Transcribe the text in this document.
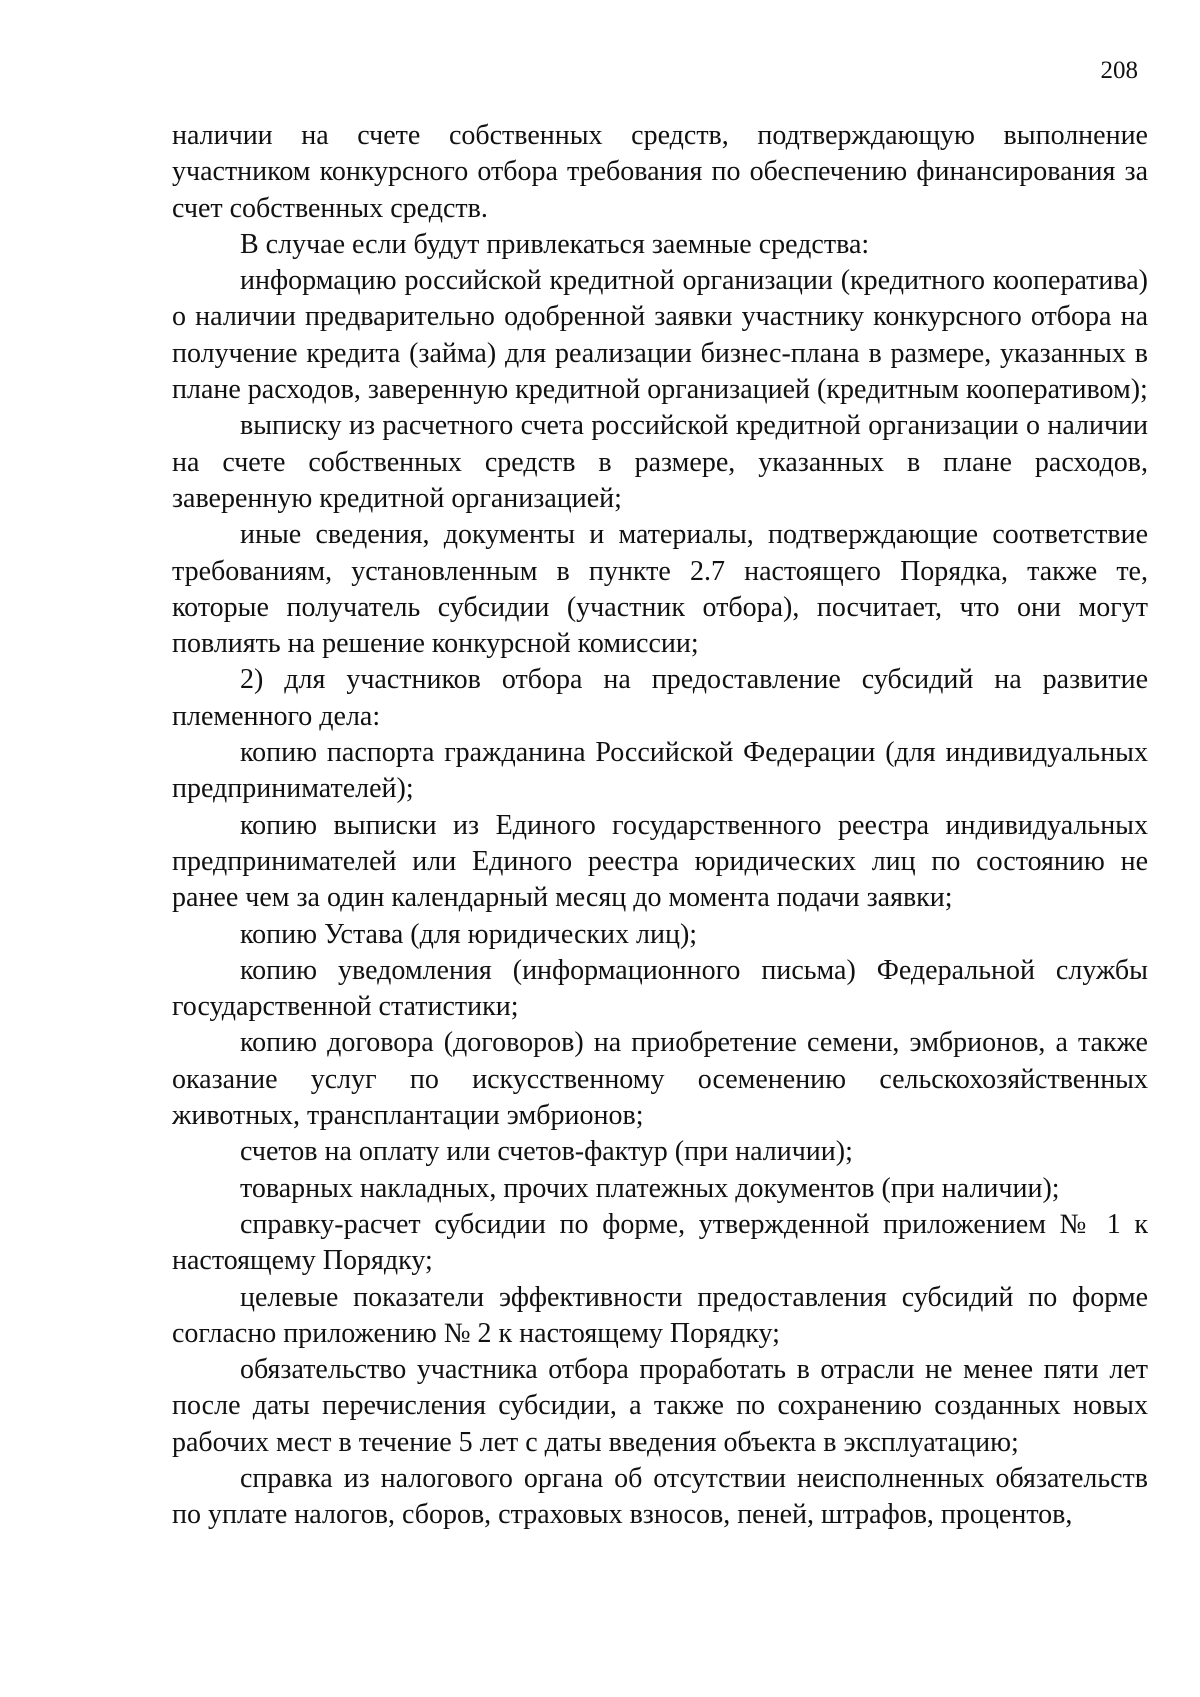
208

наличии на счете собственных средств, подтверждающую выполнение участником конкурсного отбора требования по обеспечению финансирования за счет собственных средств.

В случае если будут привлекаться заемные средства:

информацию российской кредитной организации (кредитного кооператива) о наличии предварительно одобренной заявки участнику конкурсного отбора на получение кредита (займа) для реализации бизнес-плана в размере, указанных в плане расходов, заверенную кредитной организацией (кредитным кооперативом);

выписку из расчетного счета российской кредитной организации о наличии на счете собственных средств в размере, указанных в плане расходов, заверенную кредитной организацией;

иные сведения, документы и материалы, подтверждающие соответствие требованиям, установленным в пункте 2.7 настоящего Порядка, также те, которые получатель субсидии (участник отбора), посчитает, что они могут повлиять на решение конкурсной комиссии;

2) для участников отбора на предоставление субсидий на развитие племенного дела:

копию паспорта гражданина Российской Федерации (для индивидуальных предпринимателей);

копию выписки из Единого государственного реестра индивидуальных предпринимателей или Единого реестра юридических лиц по состоянию не ранее чем за один календарный месяц до момента подачи заявки;

копию Устава (для юридических лиц);

копию уведомления (информационного письма) Федеральной службы государственной статистики;

копию договора (договоров) на приобретение семени, эмбрионов, а также оказание услуг по искусственному осеменению сельскохозяйственных животных, трансплантации эмбрионов;

счетов на оплату или счетов-фактур (при наличии);

товарных накладных, прочих платежных документов (при наличии);

справку-расчет субсидии по форме, утвержденной приложением № 1 к настоящему Порядку;

целевые показатели эффективности предоставления субсидий по форме согласно приложению № 2 к настоящему Порядку;

обязательство участника отбора проработать в отрасли не менее пяти лет после даты перечисления субсидии, а также по сохранению созданных новых рабочих мест в течение 5 лет с даты введения объекта в эксплуатацию;

справка из налогового органа об отсутствии неисполненных обязательств по уплате налогов, сборов, страховых взносов, пеней, штрафов, процентов,
